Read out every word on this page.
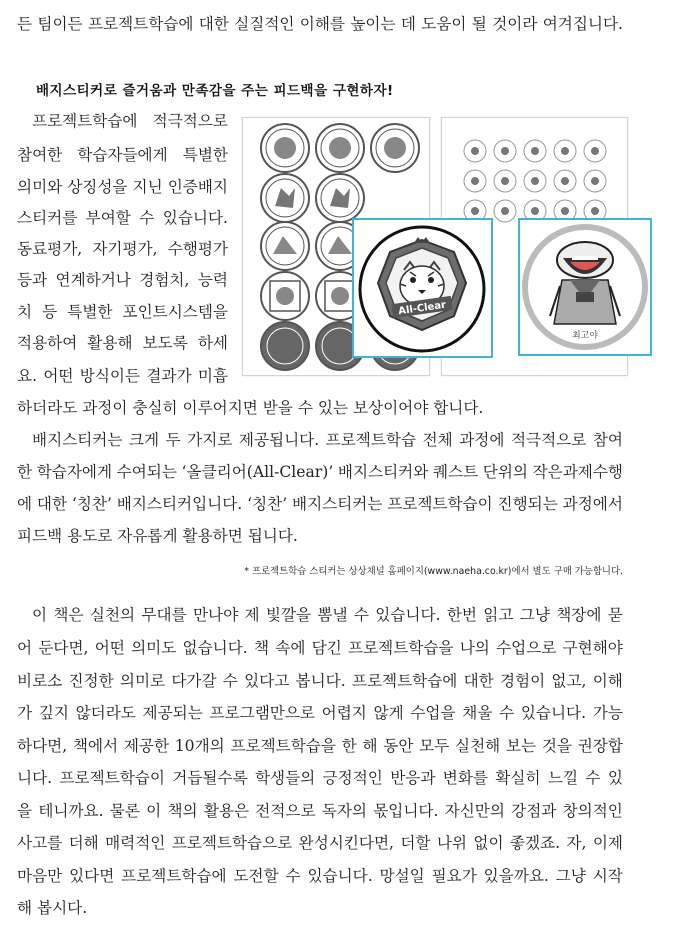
든 팀이든 프로젝트학습에 대한 실질적인 이해를 높이는 데 도움이 될 것이라 여겨집니다.
배지스티커로 즐거움과 만족감을 주는 피드백을 구현하자!
프로젝트학습에 적극적으로
참여한 학습자들에게 특별한
의미와 상징성을 지닌 인증배지
스티커를 부여할 수 있습니다.
동료평가, 자기평가, 수행평가
등과 연계하거나 경험치, 능력
치 등 특별한 포인트시스템을
적용하여 활용해 보도록 하세
요. 어떤 방식이든 결과가 미흡
· · ·
All-Clear
최고야
하더라도 과정이 충실히 이루어지면 받을 수 있는 보상이어야 합니다.
배지스티커는 크게 두 가지로 제공됩니다. 프로젝트학습 전체 과정에 적극적으로 참여
한 학습자에게 수여되는 ‘올클리어(All-Clear)’ 배지스티커와 퀘스트 단위의 작은과제수행
에 대한 ‘칭찬’ 배지스티커입니다. ‘칭찬’ 배지스티커는 프로젝트학습이 진행되는 과정에서
피드백 용도로 자유롭게 활용하면 됩니다.
* 프로젝트학습 스티커는 상상채널 홈페이지(www.naeha.co.kr)에서 별도 구매 가능합니다.
이 책은 실천의 무대를 만나야 제 빛깔을 뽐낼 수 있습니다. 한번 읽고 그냥 책장에 묻
어 둔다면, 어떤 의미도 없습니다. 책 속에 담긴 프로젝트학습을 나의 수업으로 구현해야
비로소 진정한 의미로 다가갈 수 있다고 봅니다. 프로젝트학습에 대한 경험이 없고, 이해
가 깊지 않더라도 제공되는 프로그램만으로 어렵지 않게 수업을 채울 수 있습니다. 가능
하다면, 책에서 제공한 10개의 프로젝트학습을 한 해 동안 모두 실천해 보는 것을 권장합
니다. 프로젝트학습이 거듭될수록 학생들의 긍정적인 반응과 변화를 확실히 느낄 수 있
을 테니까요. 물론 이 책의 활용은 전적으로 독자의 몫입니다. 자신만의 강점과 창의적인
사고를 더해 매력적인 프로젝트학습으로 완성시킨다면, 더할 나위 없이 좋겠죠. 자, 이제
마음만 있다면 프로젝트학습에 도전할 수 있습니다. 망설일 필요가 있을까요. 그냥 시작
해 봅시다.
